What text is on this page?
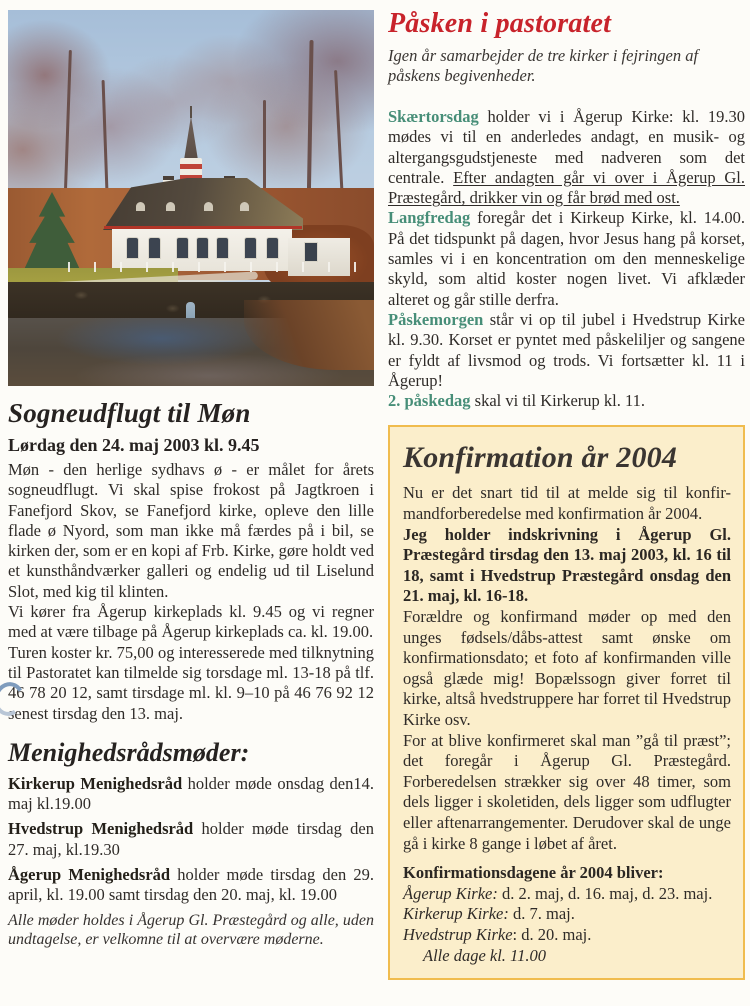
Sogneudflugt til Møn
Lørdag den 24. maj 2003 kl. 9.45

Møn - den herlige sydhavs ø - er målet for årets sogneudflugt. Vi skal spise frokost på Jagtkroen i Fanefjord Skov, se Fanefjord kirke, opleve den lille flade ø Nyord, som man ikke må færdes på i bil, se kirken der, som er en kopi af Frb. Kirke, gøre holdt ved et kunsthåndværker galleri og endelig ud til Liselund Slot, med kig til klinten.

Vi kører fra Ågerup kirkeplads kl. 9.45 og vi regner med at være tilbage på Ågerup kirkeplads ca. kl. 19.00.

Turen koster kr. 75,00 og interesserede med tilknytning til Pastoratet kan tilmelde sig torsdage ml. 13-18 på tlf. 46 78 20 12, samt tirsdage ml. kl. 9–10 på 46 76 92 12 senest tirsdag den 13. maj.

Menighedsrådsmøder:

Kirkerup Menighedsråd holder møde onsdag den14. maj kl.19.00

Hvedstrup Menighedsråd holder møde tirsdag den 27. maj, kl.19.30

Ågerup Menighedsråd holder møde tirsdag den 29. april, kl. 19.00 samt tirsdag den 20. maj, kl. 19.00

Alle møder holdes i Ågerup Gl. Præstegård og alle, uden undtagelse, er velkomne til at overvære møderne.

Påsken i pastoratet

Igen år samarbejder de tre kirker i fejringen af påskens begivenheder.

Skærtorsdag holder vi i Ågerup Kirke: kl. 19.30 mødes vi til en anderledes andagt, en musik- og altergangsgudstjeneste med nadveren som det centrale. Efter andagten går vi over i Ågerup Gl. Præstegård, drikker vin og får brød med ost.

Langfredag foregår det i Kirkeup Kirke, kl. 14.00. På det tidspunkt på dagen, hvor Jesus hang på korset, samles vi i en koncentration om den menneskelige skyld, som altid koster nogen livet. Vi afklæder alteret og går stille derfra.

Påskemorgen står vi op til jubel i Hvedstrup Kirke kl. 9.30. Korset er pyntet med påskeliljer og sangene er fyldt af livsmod og trods. Vi fortsætter kl. 11 i Ågerup!

2. påskedag skal vi til Kirkerup kl. 11.

Konfirmation år 2004

Nu er det snart tid til at melde sig til konfir-mandforberedelse med konfirmation år 2004.

Jeg holder indskrivning i Ågerup Gl. Præstegård tirsdag den 13. maj 2003, kl. 16 til 18, samt i Hvedstrup Præstegård onsdag den 21. maj, kl. 16-18.

Forældre og konfirmand møder op med den unges fødsels/dåbs-attest samt ønske om konfirmationsdato; et foto af konfirmanden ville også glæde mig! Bopælssogn giver forret til kirke, altså hvedstruppere har forret til Hvedstrup Kirke osv.

For at blive konfirmeret skal man ”gå til præst”; det foregår i Ågerup Gl. Præstegård. Forberedelsen strækker sig over 48 timer, som dels ligger i skoletiden, dels ligger som udflugter eller aftenarrangementer. Derudover skal de unge gå i kirke 8 gange i løbet af året.

Konfirmationsdagene år 2004 bliver:

Ågerup Kirke: d. 2. maj, d. 16. maj, d. 23. maj.

Kirkerup Kirke: d. 7. maj.

Hvedstrup Kirke: d. 20. maj.

Alle dage kl. 11.00
